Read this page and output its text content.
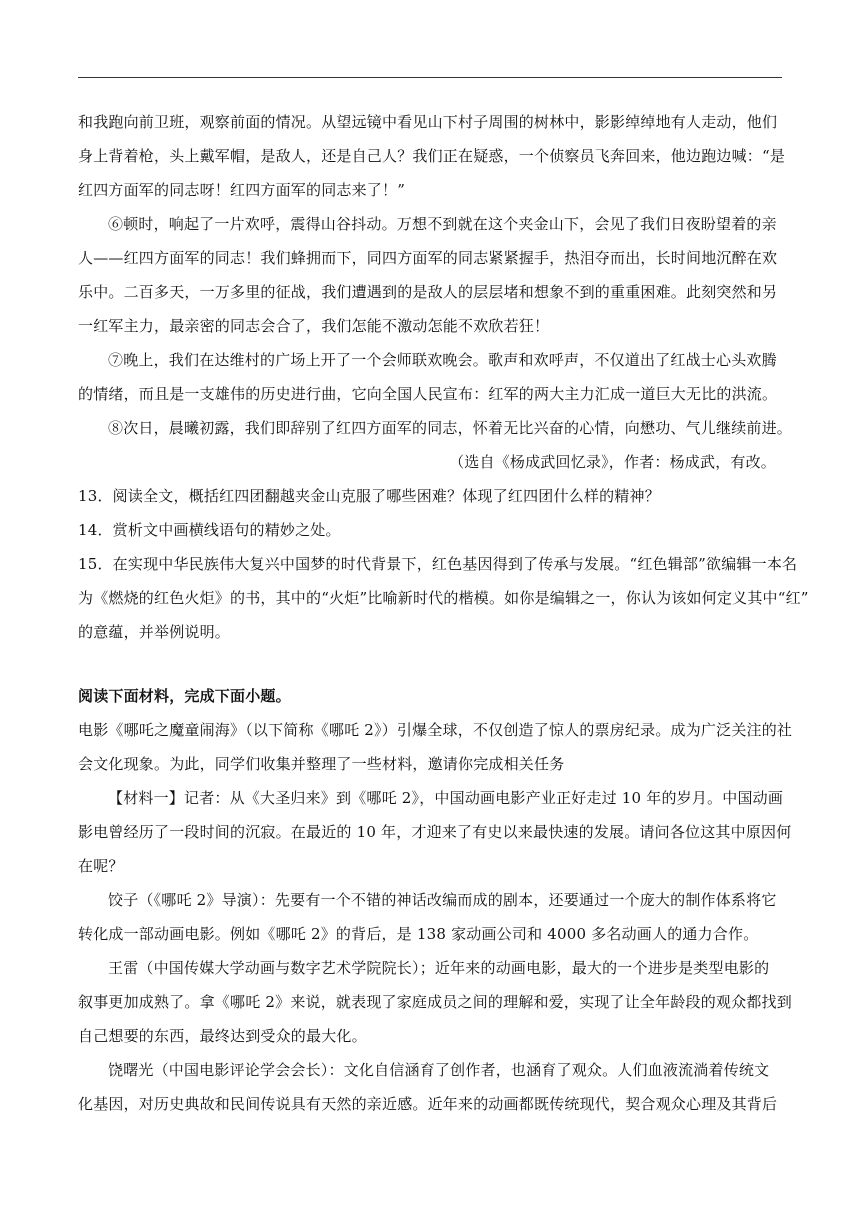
和我跑向前卫班，观察前面的情况。从望远镜中看见山下村子周围的树林中，影影绰绰地有人走动，他们
身上背着枪，头上戴军帽，是敌人，还是自己人？我们正在疑惑，一个侦察员飞奔回来，他边跑边喊：“是
红四方面军的同志呀！红四方面军的同志来了！”
⑥顿时，响起了一片欢呼，震得山谷抖动。万想不到就在这个夹金山下，会见了我们日夜盼望着的亲
人——红四方面军的同志！我们蜂拥而下，同四方面军的同志紧紧握手，热泪夺而出，长时间地沉醉在欢
乐中。二百多天，一万多里的征战，我们遭遇到的是敌人的层层堵和想象不到的重重困难。此刻突然和另
一红军主力，最亲密的同志会合了，我们怎能不激动怎能不欢欣若狂！
⑦晚上，我们在达维村的广场上开了一个会师联欢晚会。歌声和欢呼声，不仅道出了红战士心头欢腾
的情绪，而且是一支雄伟的历史进行曲，它向全国人民宣布：红军的两大主力汇成一道巨大无比的洪流。
⑧次日，晨曦初露，我们即辞别了红四方面军的同志，怀着无比兴奋的心情，向懋功、气儿继续前进。
（选自《杨成武回忆录》，作者：杨成武，有改。
13．阅读全文，概括红四团翻越夹金山克服了哪些困难？体现了红四团什么样的精神？
14．赏析文中画横线语句的精妙之处。
15．在实现中华民族伟大复兴中国梦的时代背景下，红色基因得到了传承与发展。“红色辑部”欲编辑一本名
为《燃烧的红色火炬》的书，其中的“火炬”比喻新时代的楷模。如你是编辑之一，你认为该如何定义其中“红”
的意蕴，并举例说明。
阅读下面材料，完成下面小题。
电影《哪吒之魔童闹海》（以下简称《哪吒 2》）引爆全球，不仅创造了惊人的票房纪录。成为广泛关注的社
会文化现象。为此，同学们收集并整理了一些材料，邀请你完成相关任务
【材料一】记者：从《大圣归来》到《哪吒 2》，中国动画电影产业正好走过 10 年的岁月。中国动画
影电曾经历了一段时间的沉寂。在最近的 10 年，才迎来了有史以来最快速的发展。请问各位这其中原因何
在呢？
饺子（《哪吒 2》导演）：先要有一个不错的神话改编而成的剧本，还要通过一个庞大的制作体系将它
转化成一部动画电影。例如《哪吒 2》的背后，是 138 家动画公司和 4000 多名动画人的通力合作。
王雷（中国传媒大学动画与数字艺术学院院长）；近年来的动画电影，最大的一个进步是类型电影的
叙事更加成熟了。拿《哪吒 2》来说，就表现了家庭成员之间的理解和爱，实现了让全年龄段的观众都找到
自己想要的东西，最终达到受众的最大化。
饶曙光（中国电影评论学会会长）：文化自信涵育了创作者，也涵育了观众。人们血液流淌着传统文
化基因，对历史典故和民间传说具有天然的亲近感。近年来的动画都既传统现代，契合观众心理及其背后
